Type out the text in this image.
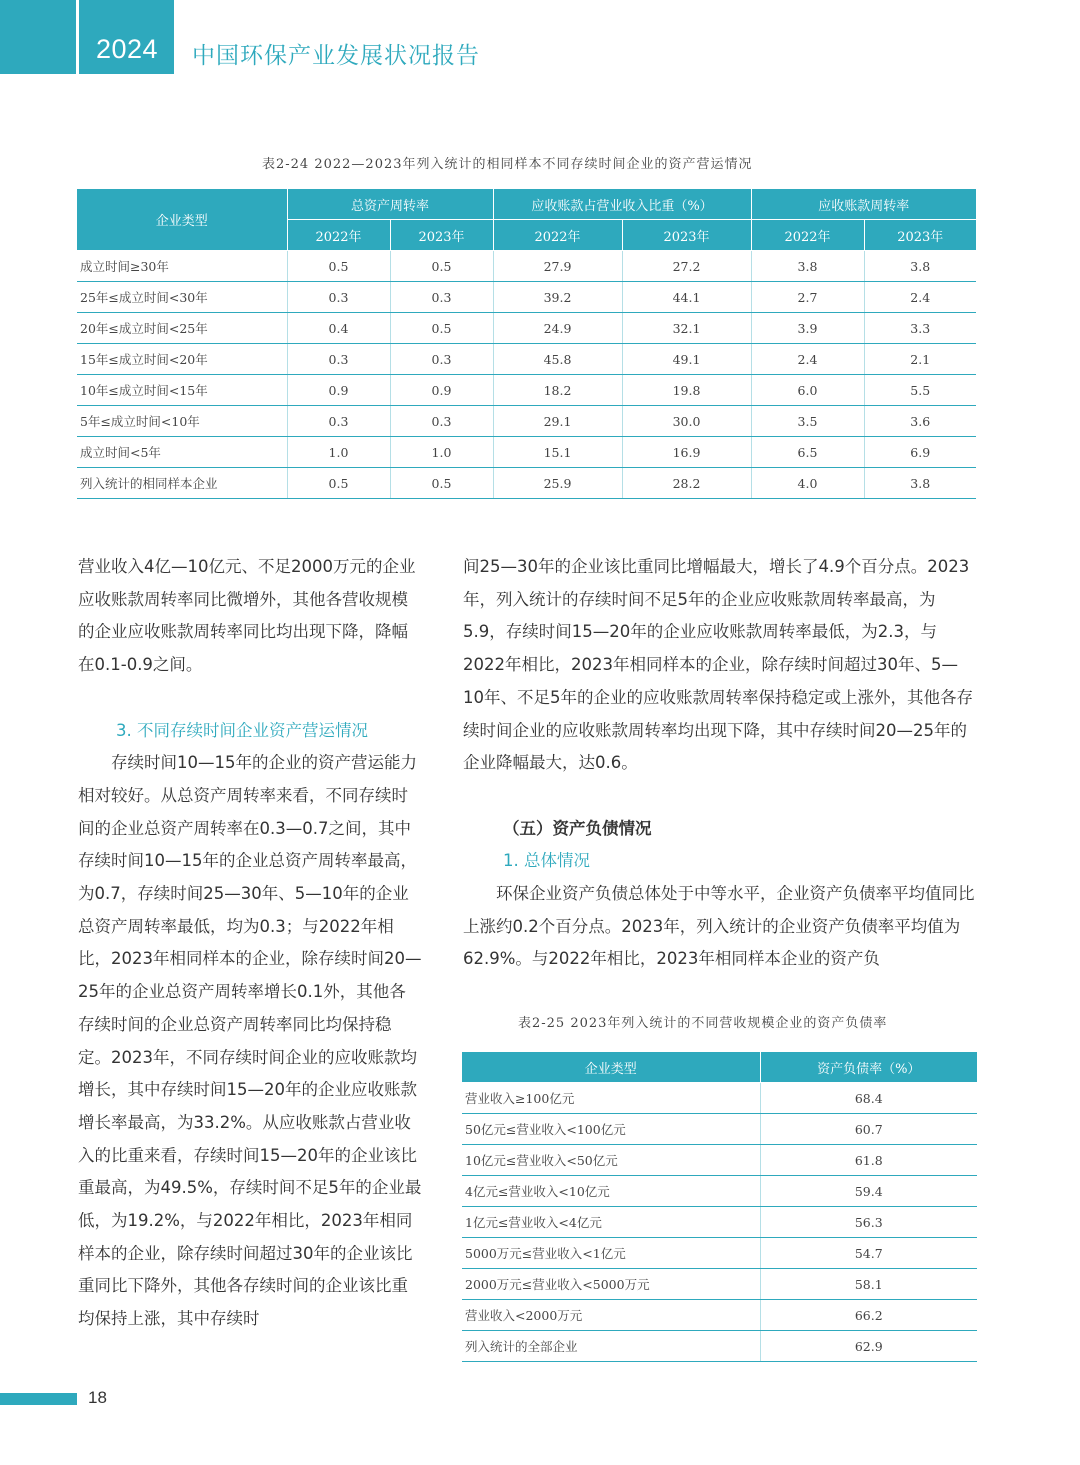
2024 中国环保产业发展状况报告
表2-24 2022—2023年列入统计的相同样本不同存续时间企业的资产营运情况
企业类型	总资产周转率		应收账款占营业收入比重（%）		应收账款周转率	
	2022年	2023年	2022年	2023年	2022年	2023年
成立时间≥30年	0.5	0.5	27.9	27.2	3.8	3.8
25年≤成立时间<30年	0.3	0.3	39.2	44.1	2.7	2.4
20年≤成立时间<25年	0.4	0.5	24.9	32.1	3.9	3.3
15年≤成立时间<20年	0.3	0.3	45.8	49.1	2.4	2.1
10年≤成立时间<15年	0.9	0.9	18.2	19.8	6.0	5.5
5年≤成立时间<10年	0.3	0.3	29.1	30.0	3.5	3.6
成立时间<5年	1.0	1.0	15.1	16.9	6.5	6.9
列入统计的相同样本企业	0.5	0.5	25.9	28.2	4.0	3.8

营业收入4亿—10亿元、不足2000万元的企业应收账款周转率同比微增外，其他各营收规模的企业应收账款周转率同比均出现下降，降幅在0.1-0.9之间。

3. 不同存续时间企业资产营运情况

存续时间10—15年的企业的资产营运能力相对较好。从总资产周转率来看，不同存续时间的企业总资产周转率在0.3—0.7之间，其中存续时间10—15年的企业总资产周转率最高，为0.7，存续时间25—30年、5—10年的企业总资产周转率最低，均为0.3；与2022年相比，2023年相同样本的企业，除存续时间20—25年的企业总资产周转率增长0.1外，其他各存续时间的企业总资产周转率同比均保持稳定。2023年，不同存续时间企业的应收账款均增长，其中存续时间15—20年的企业应收账款增长率最高，为33.2%。从应收账款占营业收入的比重来看，存续时间15—20年的企业该比重最高，为49.5%，存续时间不足5年的企业最低，为19.2%，与2022年相比，2023年相同样本的企业，除存续时间超过30年的企业该比重同比下降外，其他各存续时间的企业该比重均保持上涨，其中存续时

间25—30年的企业该比重同比增幅最大，增长了4.9个百分点。2023年，列入统计的存续时间不足5年的企业应收账款周转率最高，为5.9，存续时间15—20年的企业应收账款周转率最低，为2.3，与2022年相比，2023年相同样本的企业，除存续时间超过30年、5—10年、不足5年的企业的应收账款周转率保持稳定或上涨外，其他各存续时间企业的应收账款周转率均出现下降，其中存续时间20—25年的企业降幅最大，达0.6。

（五）资产负债情况

1. 总体情况

环保企业资产负债总体处于中等水平，企业资产负债率平均值同比上涨约0.2个百分点。2023年，列入统计的企业资产负债率平均值为62.9%。与2022年相比，2023年相同样本企业的资产负

表2-25 2023年列入统计的不同营收规模企业的资产负债率
企业类型	资产负债率（%）
营业收入≥100亿元	68.4
50亿元≤营业收入<100亿元	60.7
10亿元≤营业收入<50亿元	61.8
4亿元≤营业收入<10亿元	59.4
1亿元≤营业收入<4亿元	56.3
5000万元≤营业收入<1亿元	54.7
2000万元≤营业收入<5000万元	58.1
营业收入<2000万元	66.2
列入统计的全部企业	62.9
18
